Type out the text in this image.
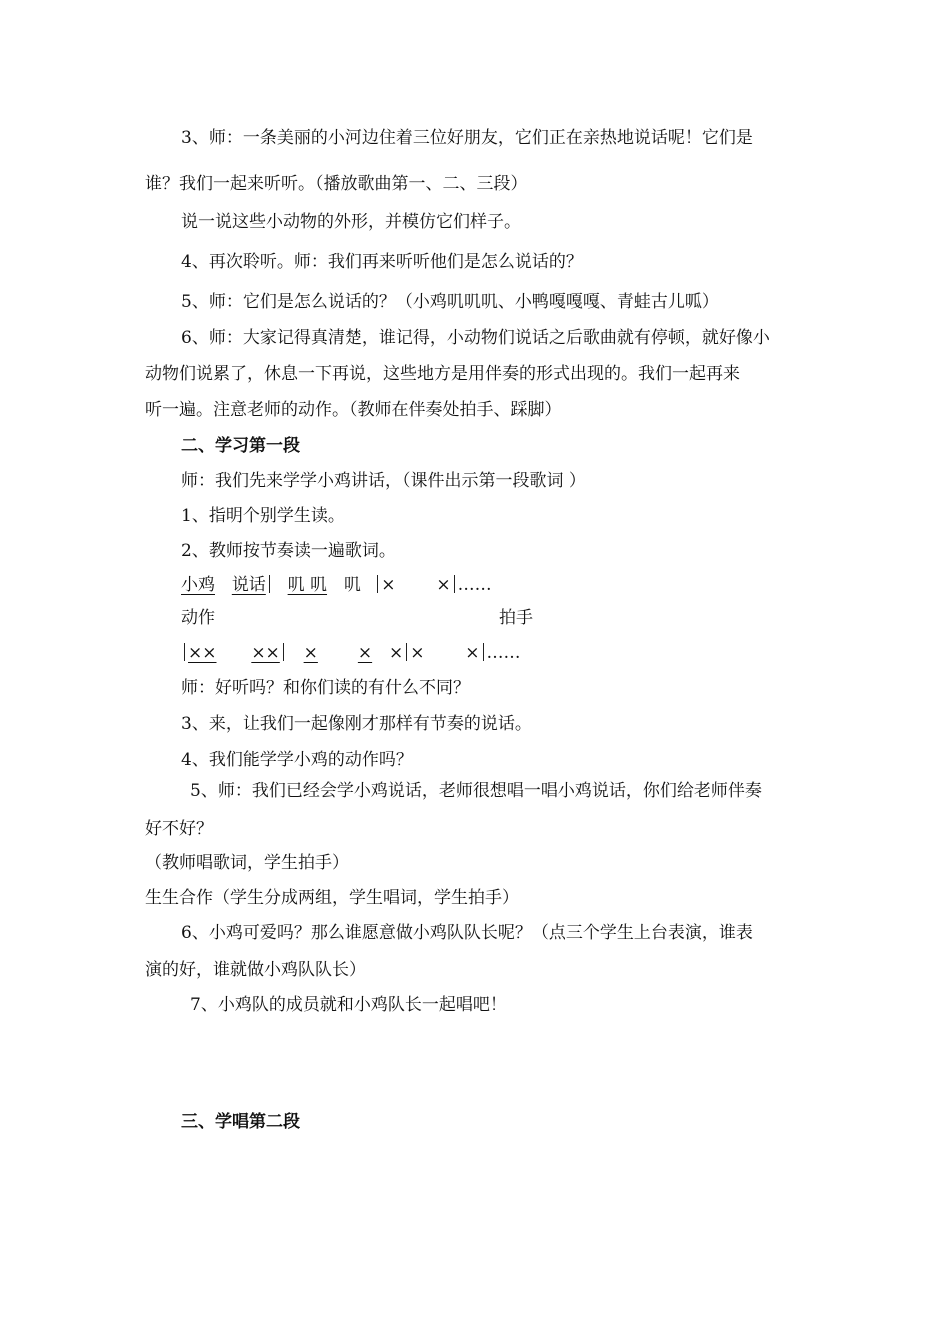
3、师：一条美丽的小河边住着三位好朋友，它们正在亲热地说话呢！它们是
谁？我们一起来听听。（播放歌曲第一、二、三段）
说一说这些小动物的外形，并模仿它们样子。
4、再次聆听。师：我们再来听听他们是怎么说话的？
5、师：它们是怎么说话的？（小鸡叽叽叽、小鸭嘎嘎嘎、青蛙古儿呱）
6、师：大家记得真清楚，谁记得，小动物们说话之后歌曲就有停顿，就好像小
动物们说累了，休息一下再说，这些地方是用伴奏的形式出现的。我们一起再来
听一遍。注意老师的动作。（教师在伴奏处拍手、踩脚）
二、学习第一段
师：我们先来学学小鸡讲话，（课件出示第一段歌词 ）
1、指明个别学生读。
2、教师按节奏读一遍歌词。
小鸡 说话 叽 叽 叽 × × ……
动作	拍手
×× ×× × × × × × ……
师：好听吗？和你们读的有什么不同？
3、来，让我们一起像刚才那样有节奏的说话。
4、我们能学学小鸡的动作吗？
5、师：我们已经会学小鸡说话，老师很想唱一唱小鸡说话，你们给老师伴奏
好不好？
（教师唱歌词，学生拍手）
生生合作（学生分成两组，学生唱词，学生拍手）
6、小鸡可爱吗？那么谁愿意做小鸡队队长呢？（点三个学生上台表演，谁表
演的好，谁就做小鸡队队长）
7、小鸡队的成员就和小鸡队长一起唱吧！
三、学唱第二段
